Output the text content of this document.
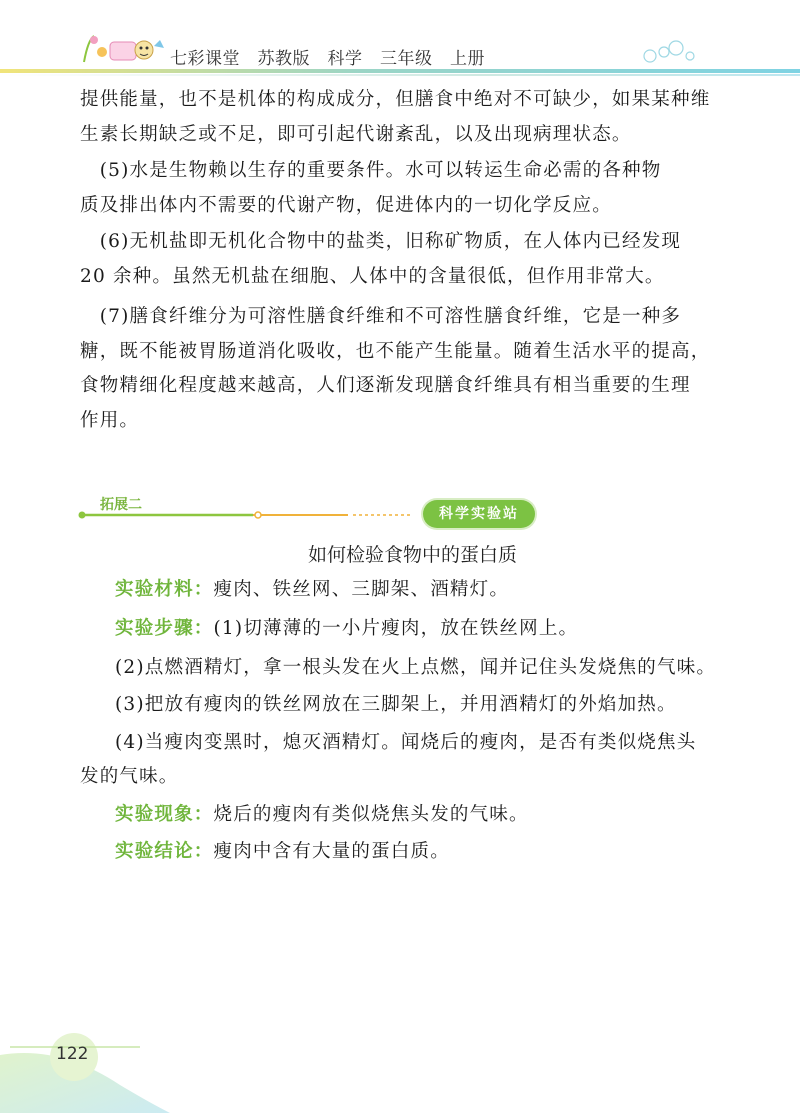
七彩课堂　苏教版　科学　三年级　上册
提供能量，也不是机体的构成成分，但膳食中绝对不可缺少，如果某种维
生素长期缺乏或不足，即可引起代谢紊乱，以及出现病理状态。
　(5)水是生物赖以生存的重要条件。水可以转运生命必需的各种物
质及排出体内不需要的代谢产物，促进体内的一切化学反应。
　(6)无机盐即无机化合物中的盐类，旧称矿物质，在人体内已经发现
20 余种。虽然无机盐在细胞、人体中的含量很低，但作用非常大。
　(7)膳食纤维分为可溶性膳食纤维和不可溶性膳食纤维，它是一种多
糖，既不能被胃肠道消化吸收，也不能产生能量。随着生活水平的提高，
食物精细化程度越来越高，人们逐渐发现膳食纤维具有相当重要的生理
作用。
拓展二
科学实验站
如何检验食物中的蛋白质
实验材料：瘦肉、铁丝网、三脚架、酒精灯。
实验步骤：(1)切薄薄的一小片瘦肉，放在铁丝网上。
(2)点燃酒精灯，拿一根头发在火上点燃，闻并记住头发烧焦的气味。
(3)把放有瘦肉的铁丝网放在三脚架上，并用酒精灯的外焰加热。
(4)当瘦肉变黑时，熄灭酒精灯。闻烧后的瘦肉，是否有类似烧焦头
发的气味。
实验现象：烧后的瘦肉有类似烧焦头发的气味。
实验结论：瘦肉中含有大量的蛋白质。
122
